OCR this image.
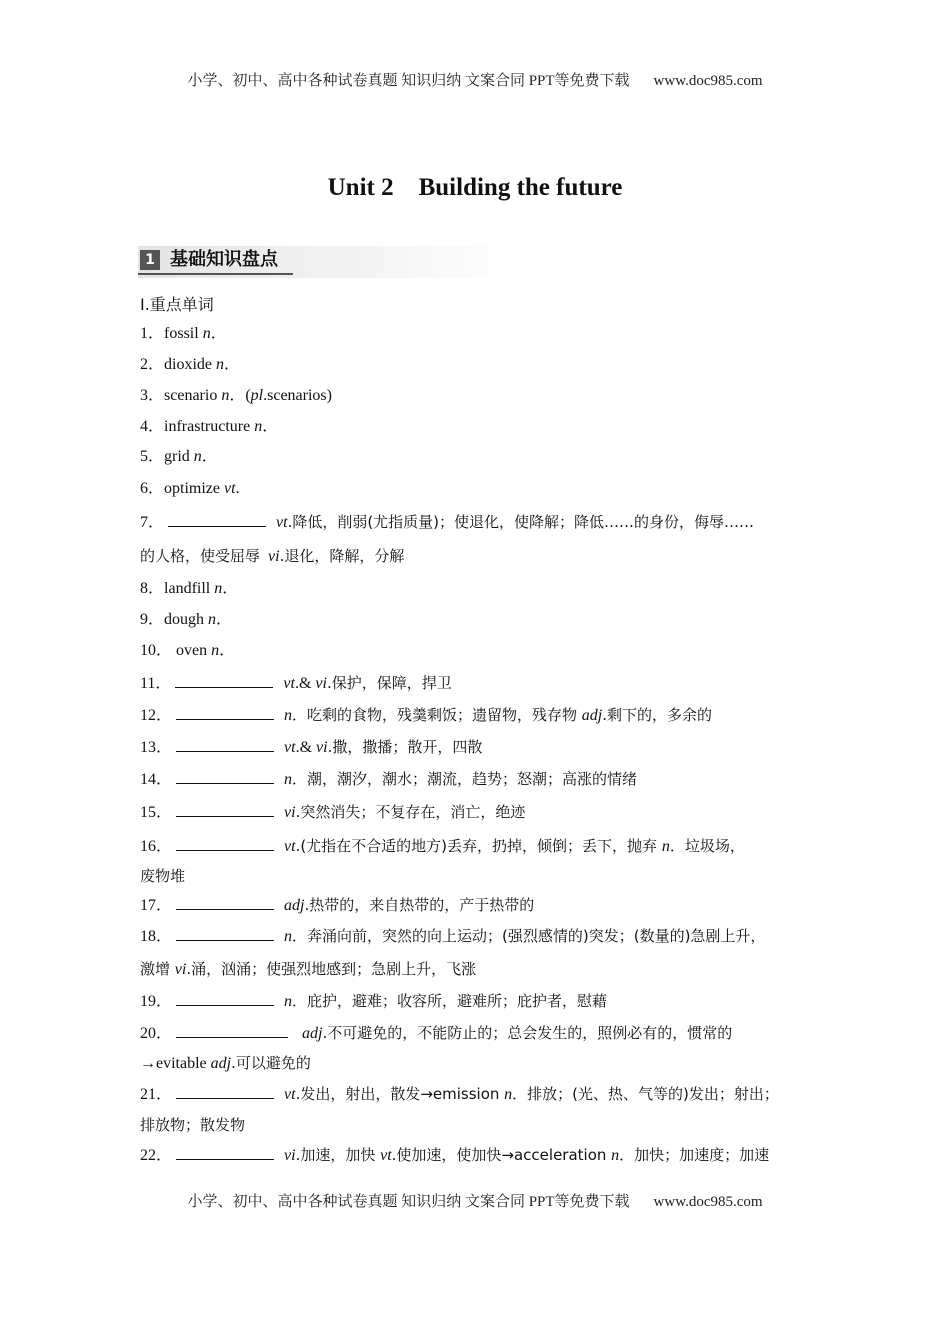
小学、初中、高中各种试卷真题 知识归纳 文案合同 PPT等免费下载 www.doc985.com
Unit 2    Building the future
1 基础知识盘点
Ⅰ.重点单词
1．fossil n．
2．dioxide n．
3．scenario n．(pl.scenarios)
4．infrastructure n．
5．grid n．
6．optimize vt.
7．	vt.降低，削弱(尤指质量)；使退化，使降解；降低……的身份，侮辱……
的人格，使受屈辱 vi.退化，降解，分解
8．landfill n．
9．dough n．
10． oven n．
11．	vt.& vi.保护，保障，捍卫
12．	n．吃剩的食物，残羹剩饭；遗留物，残存物 adj.剩下的，多余的
13．	vt.& vi.撒，撒播；散开，四散
14．	n．潮，潮汐，潮水；潮流，趋势；怒潮；高涨的情绪
15．	vi.突然消失；不复存在，消亡，绝迹
16．	vt.(尤指在不合适的地方)丢弃，扔掉，倾倒；丢下，抛弃 n．垃圾场，
废物堆
17．	adj.热带的，来自热带的，产于热带的
18．	n．奔涌向前，突然的向上运动；(强烈感情的)突发；(数量的)急剧上升，
激增 vi.涌，汹涌；使强烈地感到；急剧上升，飞涨
19．	n．庇护，避难；收容所，避难所；庇护者，慰藉
20．	adj.不可避免的，不能防止的；总会发生的，照例必有的，惯常的
→evitable adj.可以避免的
21．	vt.发出，射出，散发→emission n．排放；(光、热、气等的)发出；射出；
排放物；散发物
22．	vi.加速，加快 vt.使加速，使加快→acceleration n．加快；加速度；加速
小学、初中、高中各种试卷真题 知识归纳 文案合同 PPT等免费下载 www.doc985.com
